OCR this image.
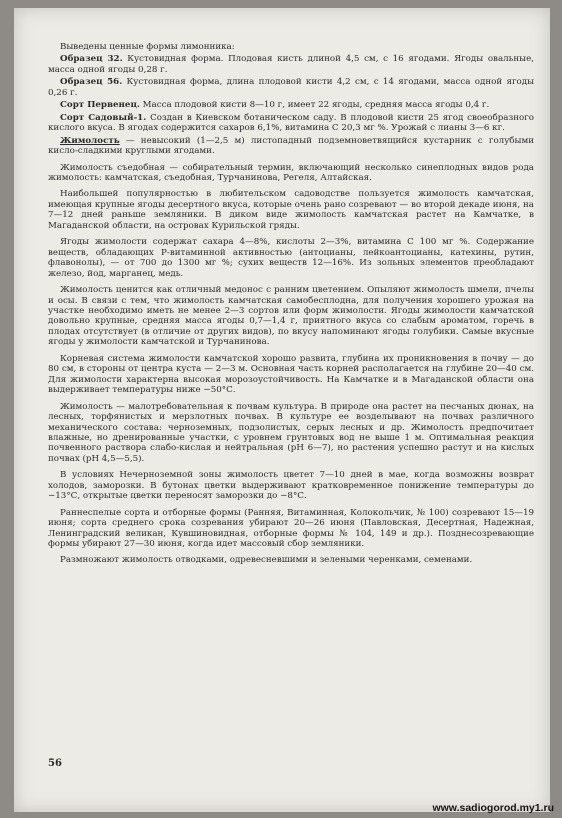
Выведены ценные формы лимонника:

Образец 32. Кустовидная форма. Плодовая кисть длиной 4,5 см, с 16 ягодами. Ягоды овальные, масса одной ягоды 0,28 г.

Образец 56. Кустовидная форма, длина плодовой кисти 4,2 см, с 14 ягодами, масса одной ягоды 0,26 г.

Сорт Первенец. Масса плодовой кисти 8—10 г, имеет 22 ягоды, средняя масса ягоды 0,4 г.

Сорт Садовый-1. Создан в Киевском ботаническом саду. В плодовой кисти 25 ягод своеобразного кислого вкуса. В ягодах содержится сахаров 6,1%, витамина С 20,3 мг %. Урожай с лианы 3—6 кг.

Жимолость — невысокий (1—2,5 м) листопадный подземноветвящийся кустарник с голубыми кисло-сладкими круглыми ягодами.

Жимолость съедобная — собирательный термин, включающий несколько синеплодных видов рода жимолость: камчатская, съедобная, Турчанинова, Регеля, Алтайская.

Наибольшей популярностью в любительском садоводстве пользуется жимолость камчатская, имеющая крупные ягоды десертного вкуса, которые очень рано созревают — во второй декаде июня, на 7—12 дней раньше земляники. В диком виде жимолость камчатская растет на Камчатке, в Магаданской области, на островах Курильской гряды.

Ягоды жимолости содержат сахара 4—8%, кислоты 2—3%, витамина С 100 мг %. Содержание веществ, обладающих Р-витаминной активностью (антоцианы, лейкоантоцианы, катехины, рутин, флавонолы), — от 700 до 1300 мг %; сухих веществ 12—16%. Из зольных элементов преобладают железо, йод, марганец, медь.

Жимолость ценится как отличный медонос с ранним цветением. Опыляют жимолость шмели, пчелы и осы. В связи с тем, что жимолость камчатская самобесплодна, для получения хорошего урожая на участке необходимо иметь не менее 2—3 сортов или форм жимолости. Ягоды жимолости камчатской довольно крупные, средняя масса ягоды 0,7—1,4 г, приятного вкуса со слабым ароматом, горечь в плодах отсутствует (в отличие от других видов), по вкусу напоминают ягоды голубики. Самые вкусные ягоды у жимолости камчатской и Турчанинова.

Корневая система жимолости камчатской хорошо развита, глубина их проникновения в почву — до 80 см, в стороны от центра куста — 2—3 м. Основная часть корней располагается на глубине 20—40 см. Для жимолости характерна высокая морозоустойчивость. На Камчатке и в Магаданской области она выдерживает температуры ниже −50°С.

Жимолость — малотребовательная к почвам культура. В природе она растет на песчаных дюнах, на лесных, торфянистых и мерзлотных почвах. В культуре ее возделывают на почвах различного механического состава: черноземных, подзолистых, серых лесных и др. Жимолость предпочитает влажные, но дренированные участки, с уровнем грунтовых вод не выше 1 м. Оптимальная реакция почвенного раствора слабо-кислая и нейтральная (рН 6—7), но растения успешно растут и на кислых почвах (рН 4,5—5,5).

В условиях Нечерноземной зоны жимолость цветет 7—10 дней в мае, когда возможны возврат холодов, заморозки. В бутонах цветки выдерживают кратковременное понижение температуры до −13°С, открытые цветки переносят заморозки до −8°С.

Раннеспелые сорта и отборные формы (Ранняя, Витаминная, Колокольчик, № 100) созревают 15—19 июня; сорта среднего срока созревания убирают 20—26 июня (Павловская, Десертная, Надежная, Ленинградский великан, Кувшиновидная, отборные формы № 104, 149 и др.). Позднесозревающие формы убирают 27—30 июня, когда идет массовый сбор земляники.

Размножают жимолость отводками, одревесневшими и зелеными черенками, семенами.

56
www.sadiogorod.my1.ru
